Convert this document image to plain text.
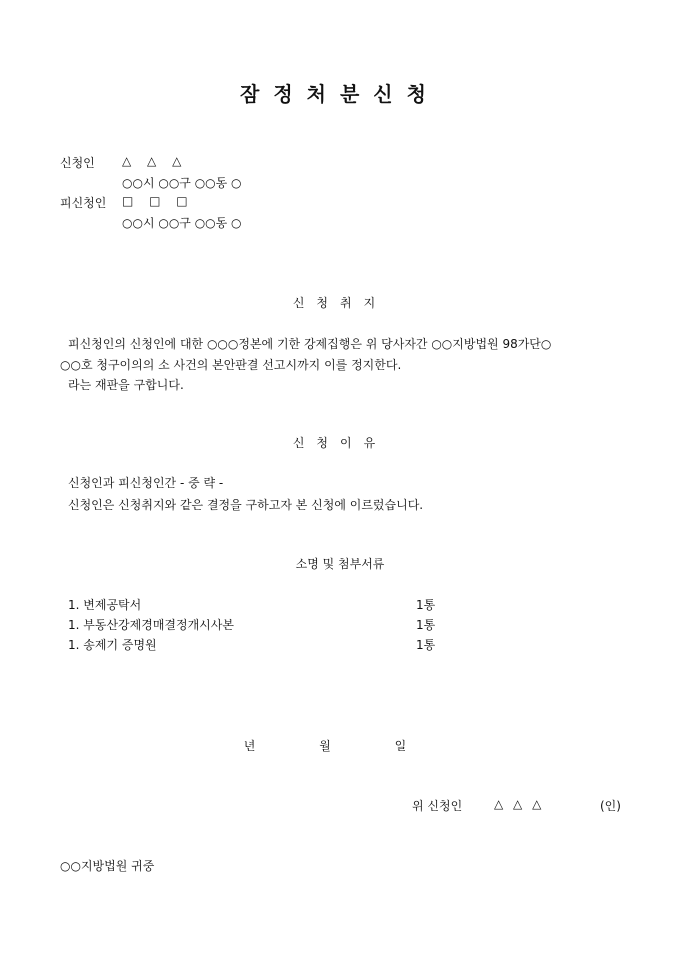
잠정처분신청
신청인 △ △ △
○○시 ○○구 ○○동 ○
피신청인 □ □ □
○○시 ○○구 ○○동 ○
신청취지
피신청인의 신청인에 대한 ○○○정본에 기한 강제집행은 위 당사자간 ○○지방법원 98가단○
○○호 청구이의의 소 사건의 본안판결 선고시까지 이를 정지한다.
라는 재판을 구합니다.
신청이유
신청인과 피신청인간 - 중 략 -
신청인은 신청취지와 같은 결정을 구하고자 본 신청에 이르렀습니다.
소명 및 첨부서류
1. 변제공탁서	1통
1. 부동산강제경매결정개시사본	1통
1. 송제기 증명원	1통
년 월 일
위 신청인	△ △ △	(인)
○○지방법원 귀중
